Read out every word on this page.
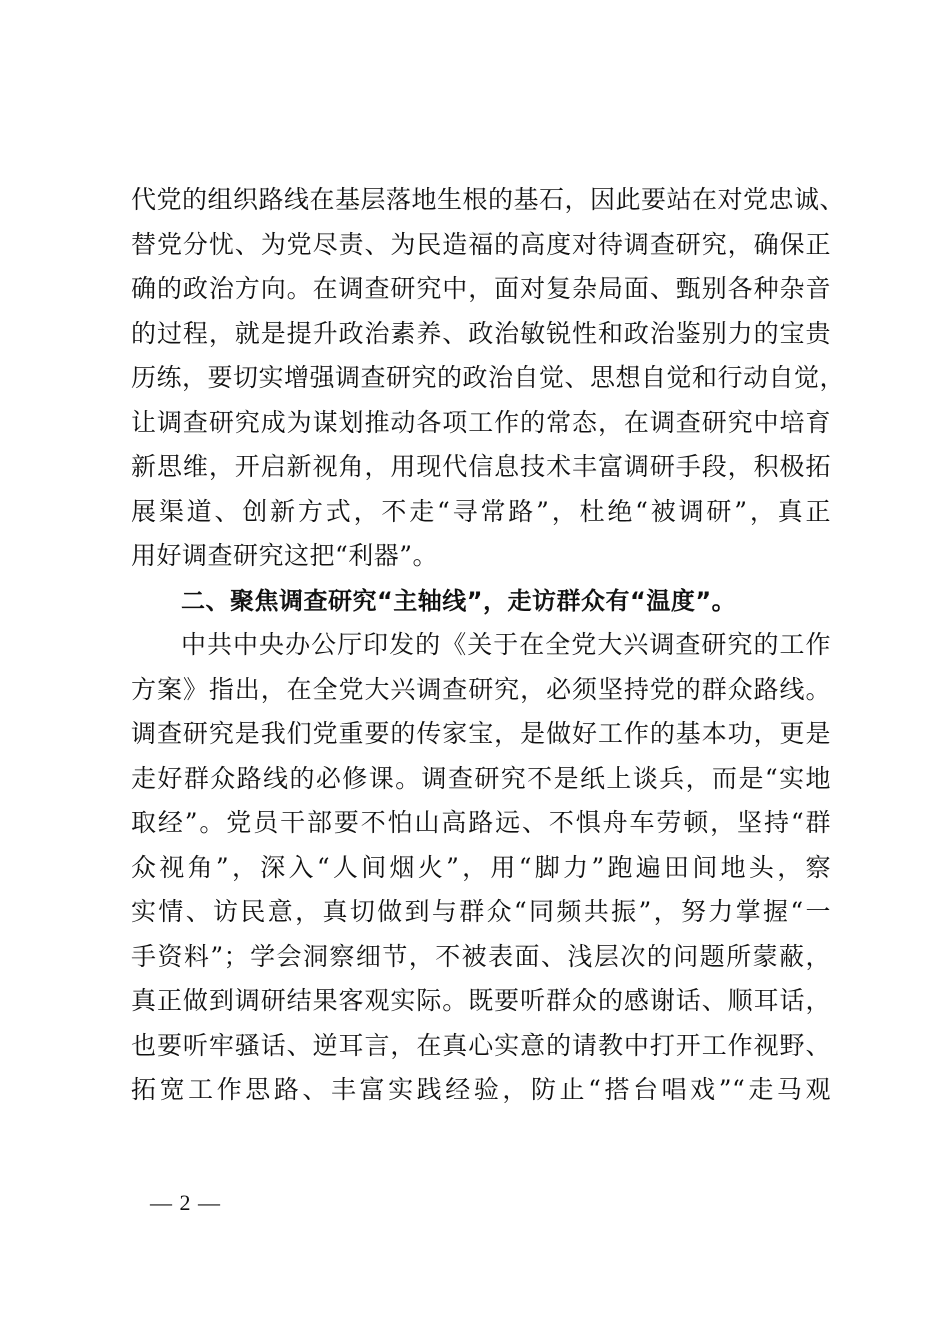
代党的组织路线在基层落地生根的基石，因此要站在对党忠诚、
替党分忧、为党尽责、为民造福的高度对待调查研究，确保正
确的政治方向。在调查研究中，面对复杂局面、甄别各种杂音
的过程，就是提升政治素养、政治敏锐性和政治鉴别力的宝贵
历练，要切实增强调查研究的政治自觉、思想自觉和行动自觉，
让调查研究成为谋划推动各项工作的常态，在调查研究中培育
新思维，开启新视角，用现代信息技术丰富调研手段，积极拓
展渠道、创新方式，不走“寻常路”，杜绝“被调研”，真正
用好调查研究这把“利器”。
二、聚焦调查研究“主轴线”，走访群众有“温度”。
中共中央办公厅印发的《关于在全党大兴调查研究的工作
方案》指出，在全党大兴调查研究，必须坚持党的群众路线。
调查研究是我们党重要的传家宝，是做好工作的基本功，更是
走好群众路线的必修课。调查研究不是纸上谈兵，而是“实地
取经”。党员干部要不怕山高路远、不惧舟车劳顿，坚持“群
众视角”，深入“人间烟火”，用“脚力”跑遍田间地头，察
实情、访民意，真切做到与群众“同频共振”，努力掌握“一
手资料”；学会洞察细节，不被表面、浅层次的问题所蒙蔽，
真正做到调研结果客观实际。既要听群众的感谢话、顺耳话，
也要听牢骚话、逆耳言，在真心实意的请教中打开工作视野、
拓宽工作思路、丰富实践经验，防止“搭台唱戏”“走马观
— 2 —
